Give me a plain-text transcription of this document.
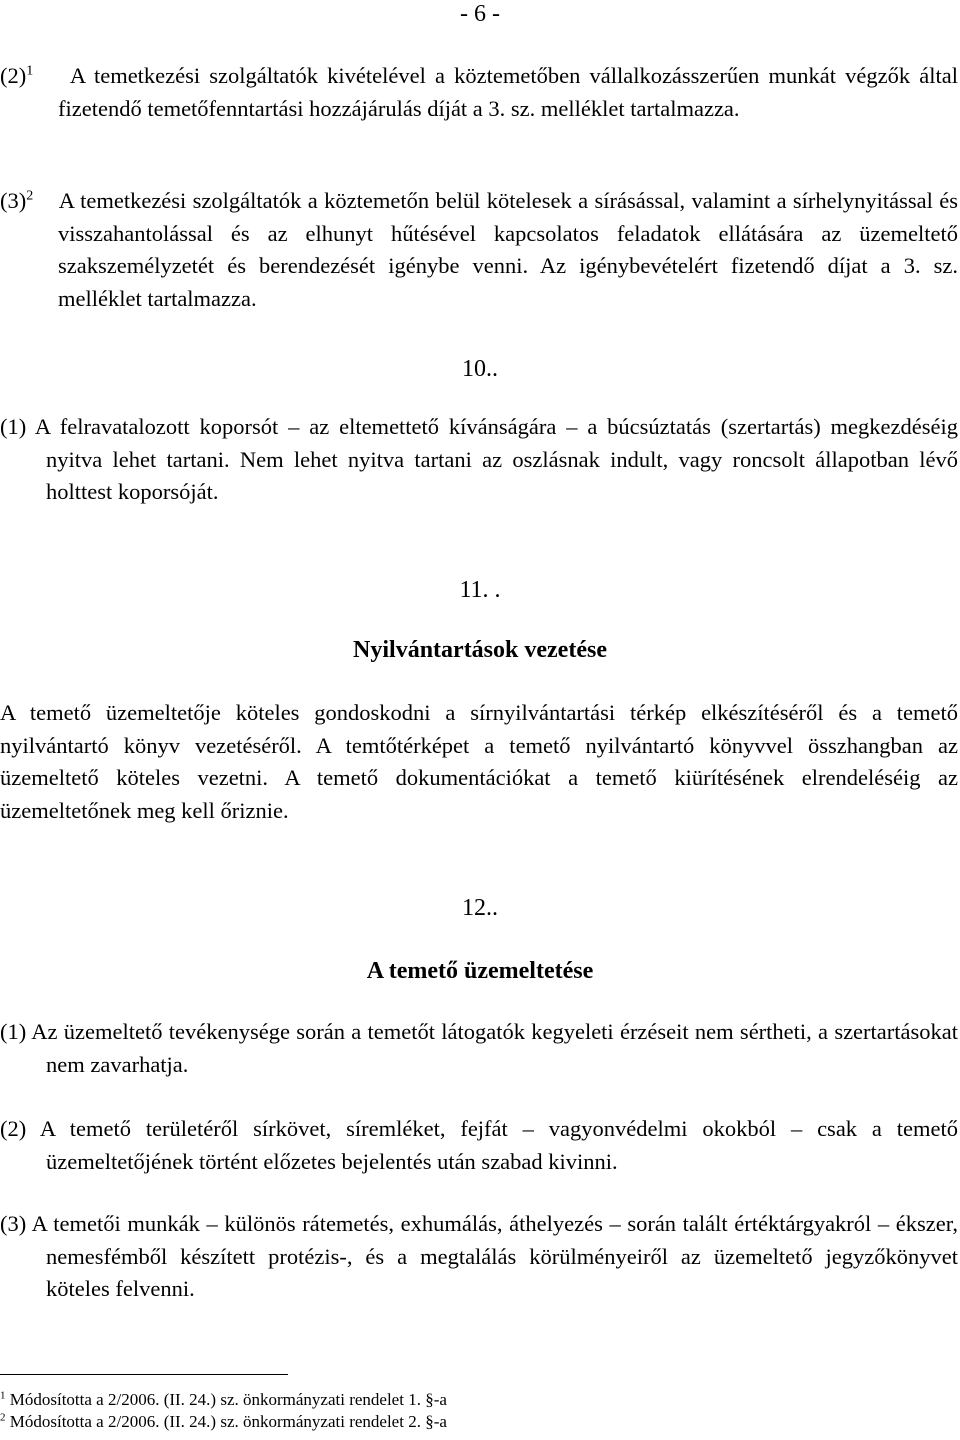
- 6 -

$(2)^1$ A temetkezési szolgáltatók kivételével a köztemetőben vállalkozásszerűen munkát végzők által fizetendő temetőfenntartási hozzájárulás díját a 3. sz. melléklet tartalmazza.

$(3)^2$ A temetkezési szolgáltatók a köztemetőn belül kötelesek a sírásással, valamint a sírhelynyitással és visszahantolással és az elhunyt hűtésével kapcsolatos feladatok ellátására az üzemeltető szakszemélyzetét és berendezését igénybe venni. Az igénybevételért fizetendő díjat a 3. sz. melléklet tartalmazza.

10..

(1) A felravatalozott koporsót – az eltemettető kívánságára – a búcsúztatás (szertartás) megkezdéséig nyitva lehet tartani. Nem lehet nyitva tartani az oszlásnak indult, vagy roncsolt állapotban lévő holttest koporsóját.

11. .
Nyilvántartások vezetése

A temető üzemeltetője köteles gondoskodni a sírnyilvántartási térkép elkészítéséről és a temető nyilvántartó könyv vezetéséről. A temtőtérképet a temető nyilvántartó könyvvel összhangban az üzemeltető köteles vezetni. A temető dokumentációkat a temető kiürítésének elrendeléséig az üzemeltetőnek meg kell őriznie.

12..
A temető üzemeltetése

(1) Az üzemeltető tevékenysége során a temetőt látogatók kegyeleti érzéseit nem sértheti, a szertartásokat nem zavarhatja.

(2) A temető területéről sírkövet, síremléket, fejfát – vagyonvédelmi okokból – csak a temető üzemeltetőjének történt előzetes bejelentés után szabad kivinni.

(3) A temetői munkák – különös rátemetés, exhumálás, áthelyezés – során talált értéktárgyakról – ékszer, nemesfémből készített protézis-, és a megtalálás körülményeiről az üzemeltető jegyzőkönyvet köteles felvenni.

$^1$ Módosította a 2/2006. (II. 24.) sz. önkormányzati rendelet 1. §-a
$^2$ Módosította a 2/2006. (II. 24.) sz. önkormányzati rendelet 2. §-a
